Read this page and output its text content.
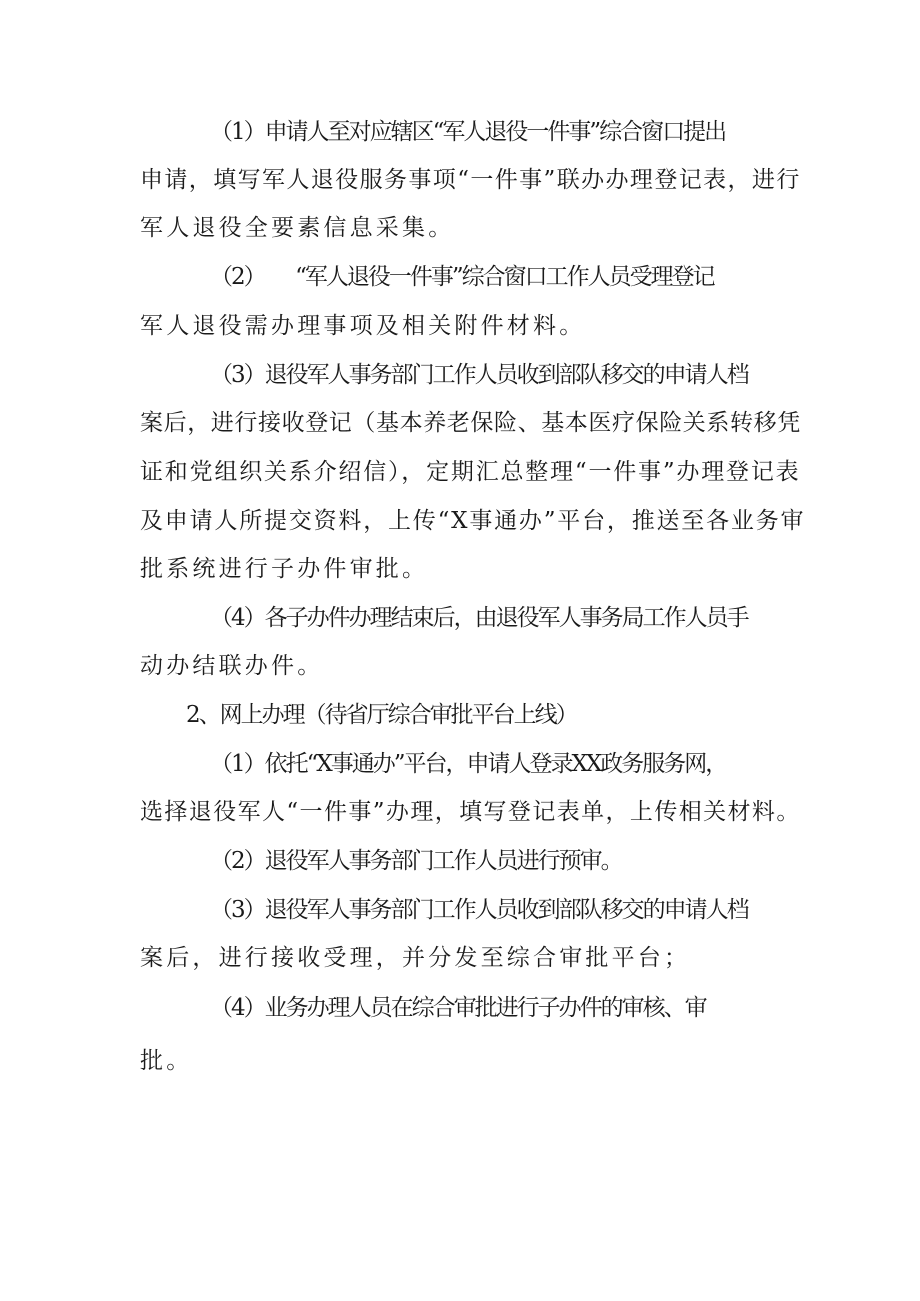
（1）申请人至对应辖区“军人退役一件事”综合窗口提出
申请，填写军人退役服务事项“一件事”联办办理登记表，进行
军人退役全要素信息采集。
（2）　　“军人退役一件事”综合窗口工作人员受理登记
军人退役需办理事项及相关附件材料。
（3）退役军人事务部门工作人员收到部队移交的申请人档
案后，进行接收登记（基本养老保险、基本医疗保险关系转移凭
证和党组织关系介绍信），定期汇总整理“一件事”办理登记表
及申请人所提交资料，上传“X事通办”平台，推送至各业务审
批系统进行子办件审批。
（4）各子办件办理结束后，由退役军人事务局工作人员手
动办结联办件。
2、网上办理（待省厅综合审批平台上线）
（1）依托“X事通办”平台，申请人登录XX政务服务网，
选择退役军人“一件事”办理，填写登记表单，上传相关材料。
（2）退役军人事务部门工作人员进行预审。
（3）退役军人事务部门工作人员收到部队移交的申请人档
案后，进行接收受理，并分发至综合审批平台；
（4）业务办理人员在综合审批进行子办件的审核、审
批。
